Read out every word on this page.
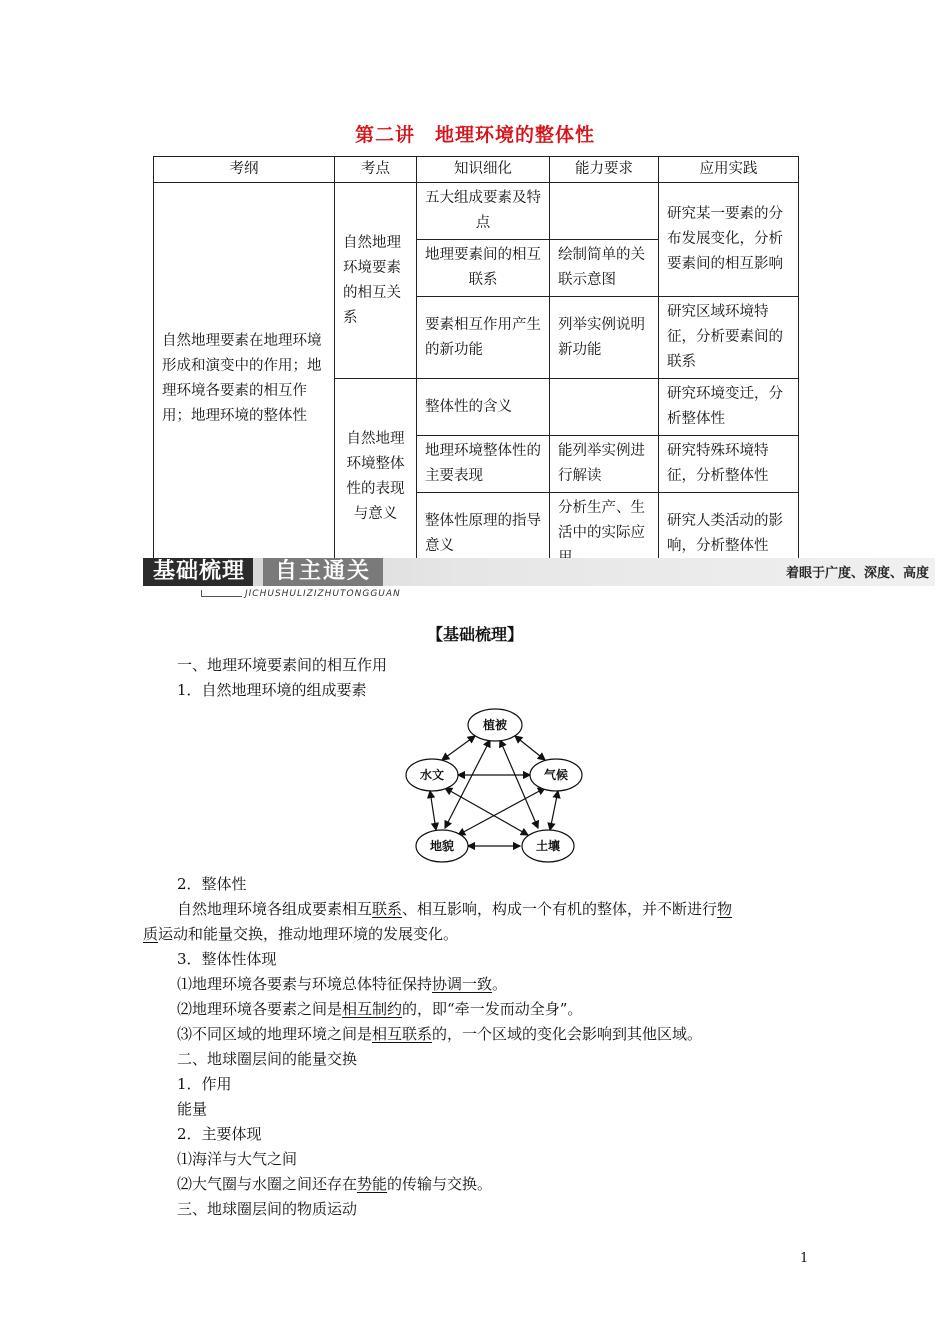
第二讲　地理环境的整体性
考纲	考点	知识细化	能力要求	应用实践
自然地理要素在地理环境形成和演变中的作用；地理环境各要素的相互作用；地理环境的整体性	自然地理环境要素的相互关系	五大组成要素及特点		研究某一要素的分布发展变化，分析要素间的相互影响
		地理要素间的相互联系	绘制简单的关联示意图	
		要素相互作用产生的新功能	列举实例说明新功能	研究区域环境特征，分析要素间的联系
	自然地理环境整体性的表现与意义	整体性的含义		研究环境变迁，分析整体性
		地理环境整体性的主要表现	能列举实例进行解读	研究特殊环境特征，分析整体性
		整体性原理的指导意义	分析生产、生活中的实际应	研究人类活动的影响，分析整体性
基础梳理	自主通关	着眼于广度、深度、高度
JICHUSHULIZIZHUTONGGUAN
【基础梳理】
一、地理环境要素间的相互作用
1．自然地理环境的组成要素
植被
水文	气候
地貌	土壤
2．整体性
自然地理环境各组成要素相互联系、相互影响，构成一个有机的整体，并不断进行物
质运动和能量交换，推动地理环境的发展变化。
3．整体性体现
⑴地理环境各要素与环境总体特征保持协调一致。
⑵地理环境各要素之间是相互制约的，即“牵一发而动全身”。
⑶不同区域的地理环境之间是相互联系的，一个区域的变化会影响到其他区域。
二、地球圈层间的能量交换
1．作用
能量
2．主要体现
⑴海洋与大气之间
⑵大气圈与水圈之间还存在势能的传输与交换。
三、地球圈层间的物质运动
1
